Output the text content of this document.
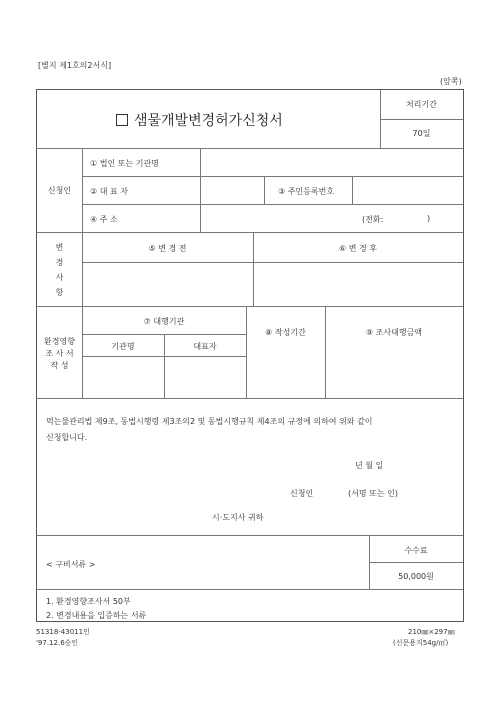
[별지 제1호의2서식]
(앞쪽)
샘물개발변경허가신청서
처리기간
70일
신청인
① 법인 또는 기관명
② 대 표 자	③ 주민등록번호
④ 주 소	(전화:	)
변
경
사
항
⑤ 변 경 전	⑥ 변 경 후
환경영향
조 사 서
작 성
⑦ 대행기관
기관명	대표자
⑧ 작성기간	⑨ 조사대행금액
먹는물관리법 제9조, 동법시행령 제3조의2 및 동법시행규칙 제4조의 규정에 의하여 위와 같이
신청합니다.
년 월 일
신청인	(서명 또는 인)
시·도지사 귀하
< 구비서류 >
수수료
50,000원
1. 환경영향조사서 50부
2. 변경내용을 입증하는 서류
51318-43011민
'97.12.6승인
210㎜×297㎜
(신문용지54g/㎡)
